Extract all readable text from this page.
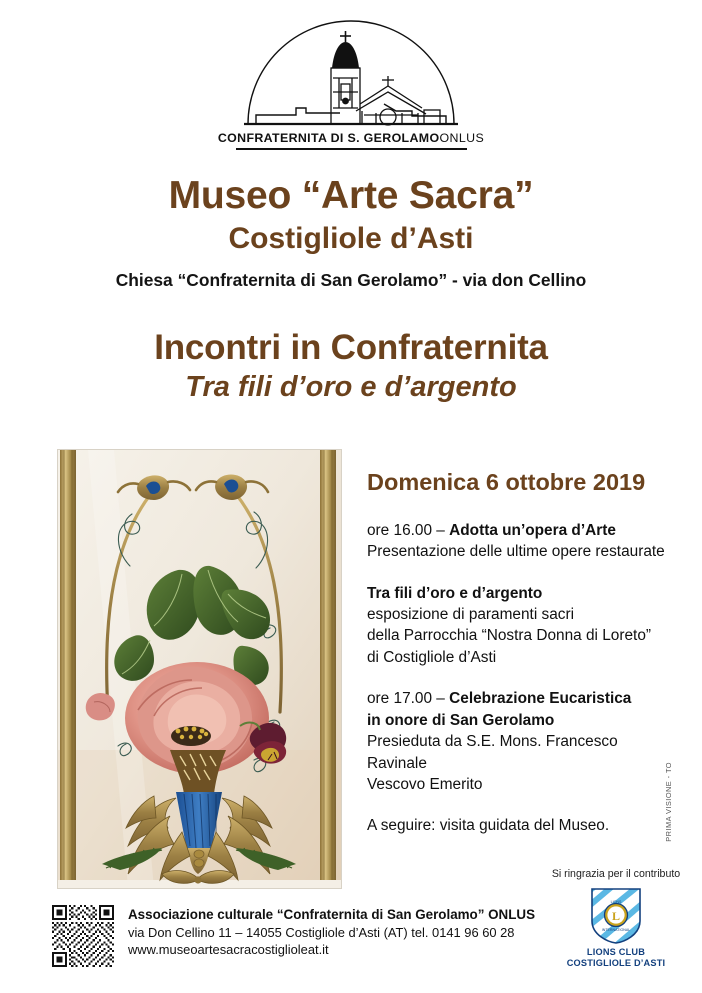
CONFRATERNITA DI S. GEROLAMOONLUS
Museo “Arte Sacra”
Costigliole d’Asti
Chiesa “Confraternita di San Gerolamo” - via don Cellino
Incontri in Confraternita
Tra fili d’oro e d’argento
Domenica 6 ottobre 2019

ore 16.00 – Adotta un’opera d’Arte

Presentazione delle ultime opere restaurate

Tra fili d’oro e d’argento

esposizione di paramenti sacri

della Parrocchia “Nostra Donna di Loreto”

di Costigliole d’Asti

ore 17.00 – Celebrazione Eucaristica

in onore di San Gerolamo

Presieduta da S.E. Mons. Francesco Ravinale

Vescovo Emerito

A seguire: visita guidata del Museo.	PRIMA VISIONE - TO
Si ringrazia per il contributo
L
LIONS
INTERNATIONAL
LIONS CLUB
COSTIGLIOLE D’ASTI
Associazione culturale “Confraternita di San Gerolamo” ONLUS
via Don Cellino 11 – 14055 Costigliole d’Asti (AT) tel. 0141 96 60 28
www.museoartesacracostiglioleat.it
